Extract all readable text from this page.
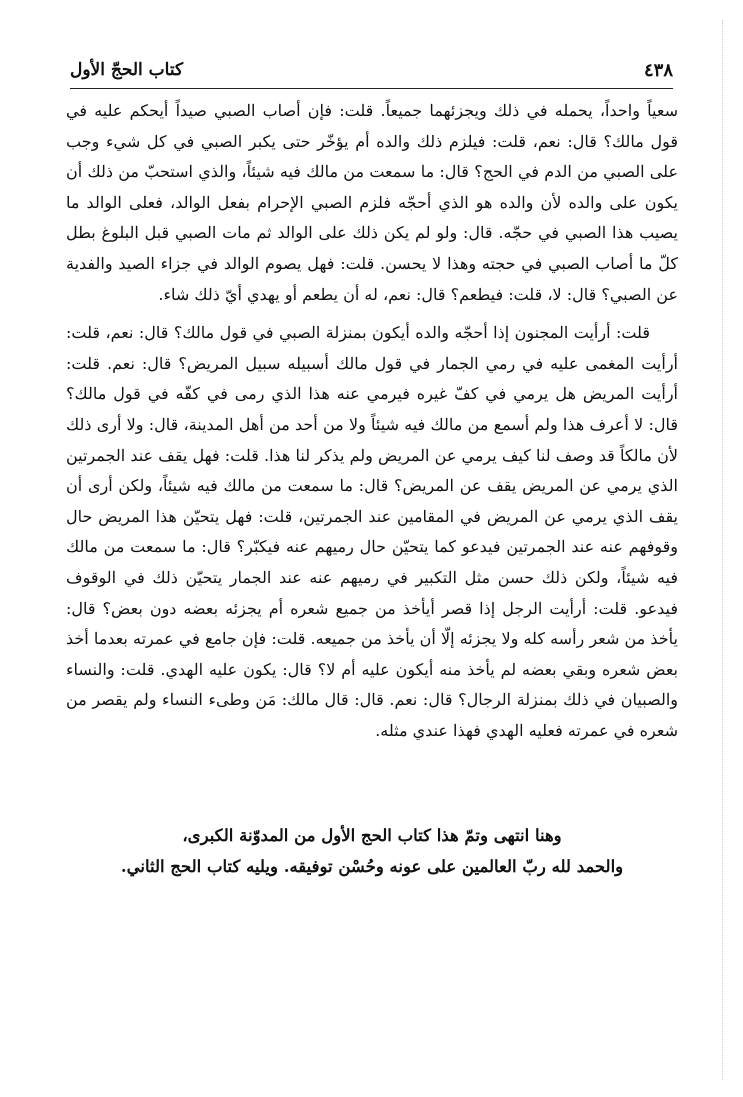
٤٣٨
كتاب الحجّ الأول

سعياً واحداً، يحمله في ذلك ويجزئهما جميعاً. قلت: فإن أصاب الصبي صيداً أيحكم عليه في قول مالك؟ قال: نعم، قلت: فيلزم ذلك والده أم يؤخّر حتى يكبر الصبي في كل شيء وجب على الصبي من الدم في الحج؟ قال: ما سمعت من مالك فيه شيئاً، والذي استحبّ من ذلك أن يكون على والده لأن والده هو الذي أحجّه فلزم الصبي الإحرام بفعل الوالد، فعلى الوالد ما يصيب هذا الصبي في حجّه. قال: ولو لم يكن ذلك على الوالد ثم مات الصبي قبل البلوغ بطل كلّ ما أصاب الصبي في حجته وهذا لا يحسن. قلت: فهل يصوم الوالد في جزاء الصيد والفدية عن الصبي؟ قال: لا، قلت: فيطعم؟ قال: نعم، له أن يطعم أو يهدي أيّ ذلك شاء.

قلت: أرأيت المجنون إذا أحجّه والده أيكون بمنزلة الصبي في قول مالك؟ قال: نعم، قلت: أرأيت المغمى عليه في رمي الجمار في قول مالك أسبيله سبيل المريض؟ قال: نعم. قلت: أرأيت المريض هل يرمي في كفّ غيره فيرمي عنه هذا الذي رمى في كفّه في قول مالك؟ قال: لا أعرف هذا ولم أسمع من مالك فيه شيئاً ولا من أحد من أهل المدينة، قال: ولا أرى ذلك لأن مالكاً قد وصف لنا كيف يرمي عن المريض ولم يذكر لنا هذا. قلت: فهل يقف عند الجمرتين الذي يرمي عن المريض يقف عن المريض؟ قال: ما سمعت من مالك فيه شيئاً، ولكن أرى أن يقف الذي يرمي عن المريض في المقامين عند الجمرتين، قلت: فهل يتحيّن هذا المريض حال وقوفهم عنه عند الجمرتين فيدعو كما يتحيّن حال رميهم عنه فيكبّر؟ قال: ما سمعت من مالك فيه شيئاً، ولكن ذلك حسن مثل التكبير في رميهم عنه عند الجمار يتحيّن ذلك في الوقوف فيدعو. قلت: أرأيت الرجل إذا قصر أيأخذ من جميع شعره أم يجزئه بعضه دون بعض؟ قال: يأخذ من شعر رأسه كله ولا يجزئه إلّا أن يأخذ من جميعه. قلت: فإن جامع في عمرته بعدما أخذ بعض شعره وبقي بعضه لم يأخذ منه أيكون عليه أم لا؟ قال: يكون عليه الهدي. قلت: والنساء والصبيان في ذلك بمنزلة الرجال؟ قال: نعم. قال: قال مالك: مَن وطىء النساء ولم يقصر من شعره في عمرته فعليه الهدي فهذا عندي مثله.

وهنا انتهى وتمّ هذا كتاب الحج الأول من المدوّنة الكبرى،
والحمد لله ربّ العالمين على عونه وحُسْن توفيقه. ويليه كتاب الحج الثاني.
